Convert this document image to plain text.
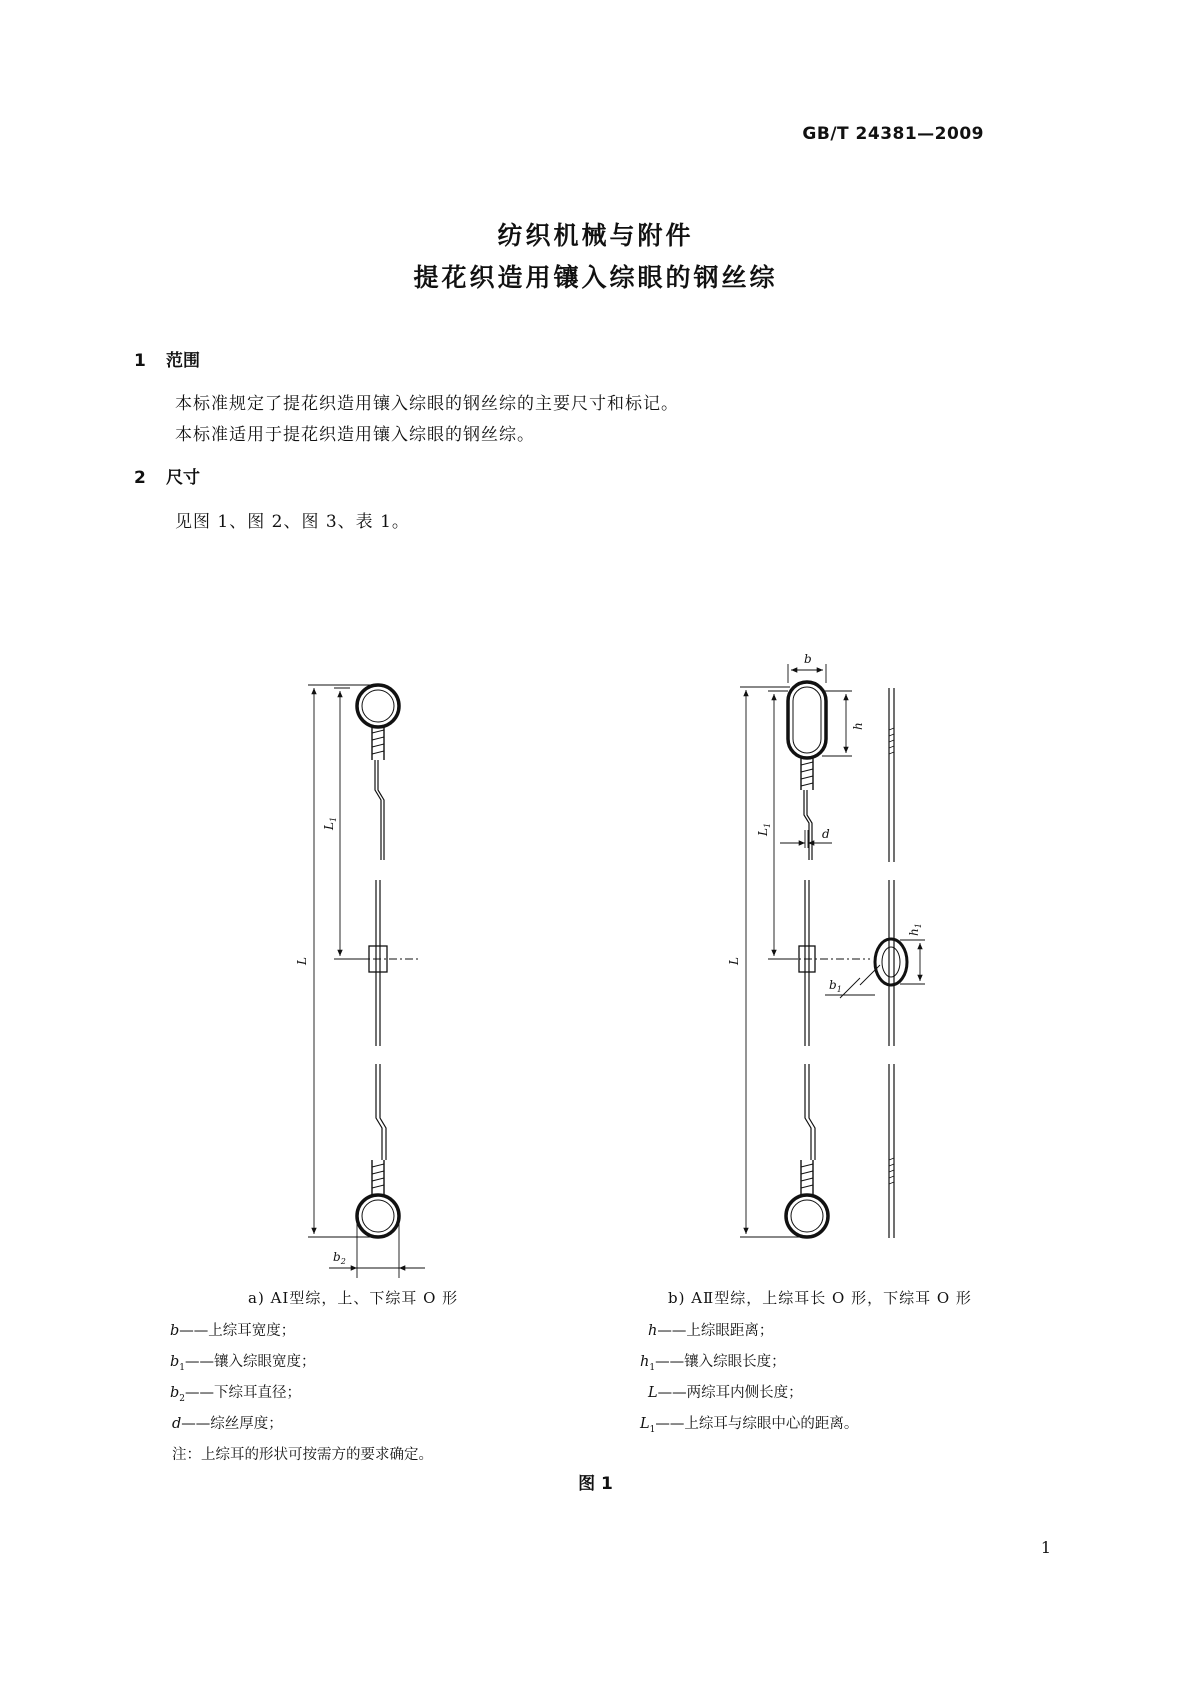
GB/T 24381—2009
纺织机械与附件
提花织造用镶入综眼的钢丝综
1 范围
本标准规定了提花织造用镶入综眼的钢丝综的主要尺寸和标记。
本标准适用于提花织造用镶入综眼的钢丝综。
2 尺寸
见图 1、图 2、图 3、表 1。
L
$L_1$
$b_2$
L
$L_1$
b
h
d
$h_1$
$b_1$
a) AⅠ型综，上、下综耳 O 形	b) AⅡ型综，上综耳长 O 形，下综耳 O 形
b——上综耳宽度；
$b_1——$镶入综眼宽度；
$b_2——$下综耳直径；
d——综丝厚度；
h——上综眼距离；
$h_1——$镶入综眼长度；
L——两综耳内侧长度；
$L_1——$上综耳与综眼中心的距离。
注：上综耳的形状可按需方的要求确定。
图 1
1
